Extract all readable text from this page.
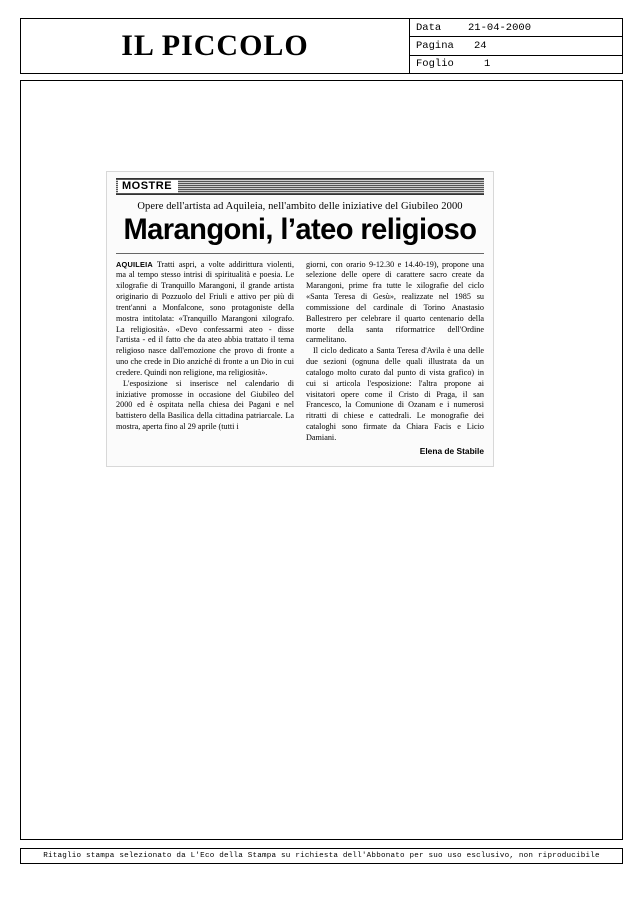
IL PICCOLO
Data	21-04-2000
Pagina	24
Foglio	1
MOSTRE
Opere dell'artista ad Aquileia, nell'ambito delle iniziative del Giubileo 2000
Marangoni, l’ateo religioso

AQUILEIA Tratti aspri, a volte addirittura violenti, ma al tempo stesso intrisi di spiritualità e poesia. Le xilografie di Tranquillo Marangoni, il grande artista originario di Pozzuolo del Friuli e attivo per più di trent'anni a Monfalcone, sono protagoniste della mostra intitolata: «Tranquillo Marangoni xilografo. La religiosità». «Devo confessarmi ateo - disse l'artista - ed il fatto che da ateo abbia trattato il tema religioso nasce dall'emozione che provo di fronte a uno che crede in Dio anziché di fronte a un Dio in cui credere. Quindi non religione, ma religiosità».

L'esposizione si inserisce nel calendario di iniziative promosse in occasione del Giubileo del 2000 ed è ospitata nella chiesa dei Pagani e nel battistero della Basilica della cittadina patriarcale. La mostra, aperta fino al 29 aprile (tutti i

giorni, con orario 9-12.30 e 14.40-19), propone una selezione delle opere di carattere sacro create da Marangoni, prime fra tutte le xilografie del ciclo «Santa Teresa di Gesù», realizzate nel 1985 su commissione del cardinale di Torino Anastasio Ballestrero per celebrare il quarto centenario della morte della santa riformatrice dell'Ordine carmelitano.

Il ciclo dedicato a Santa Teresa d'Avila è una delle due sezioni (ognuna delle quali illustrata da un catalogo molto curato dal punto di vista grafico) in cui si articola l'esposizione: l'altra propone ai visitatori opere come il Cristo di Praga, il san Francesco, la Comunione di Ozanam e i numerosi ritratti di chiese e cattedrali. Le monografie dei cataloghi sono firmate da Chiara Facis e Licio Damiani.

Elena de Stabile
Ritaglio stampa selezionato da L'Eco della Stampa su richiesta dell'Abbonato per suo uso esclusivo, non riproducibile
